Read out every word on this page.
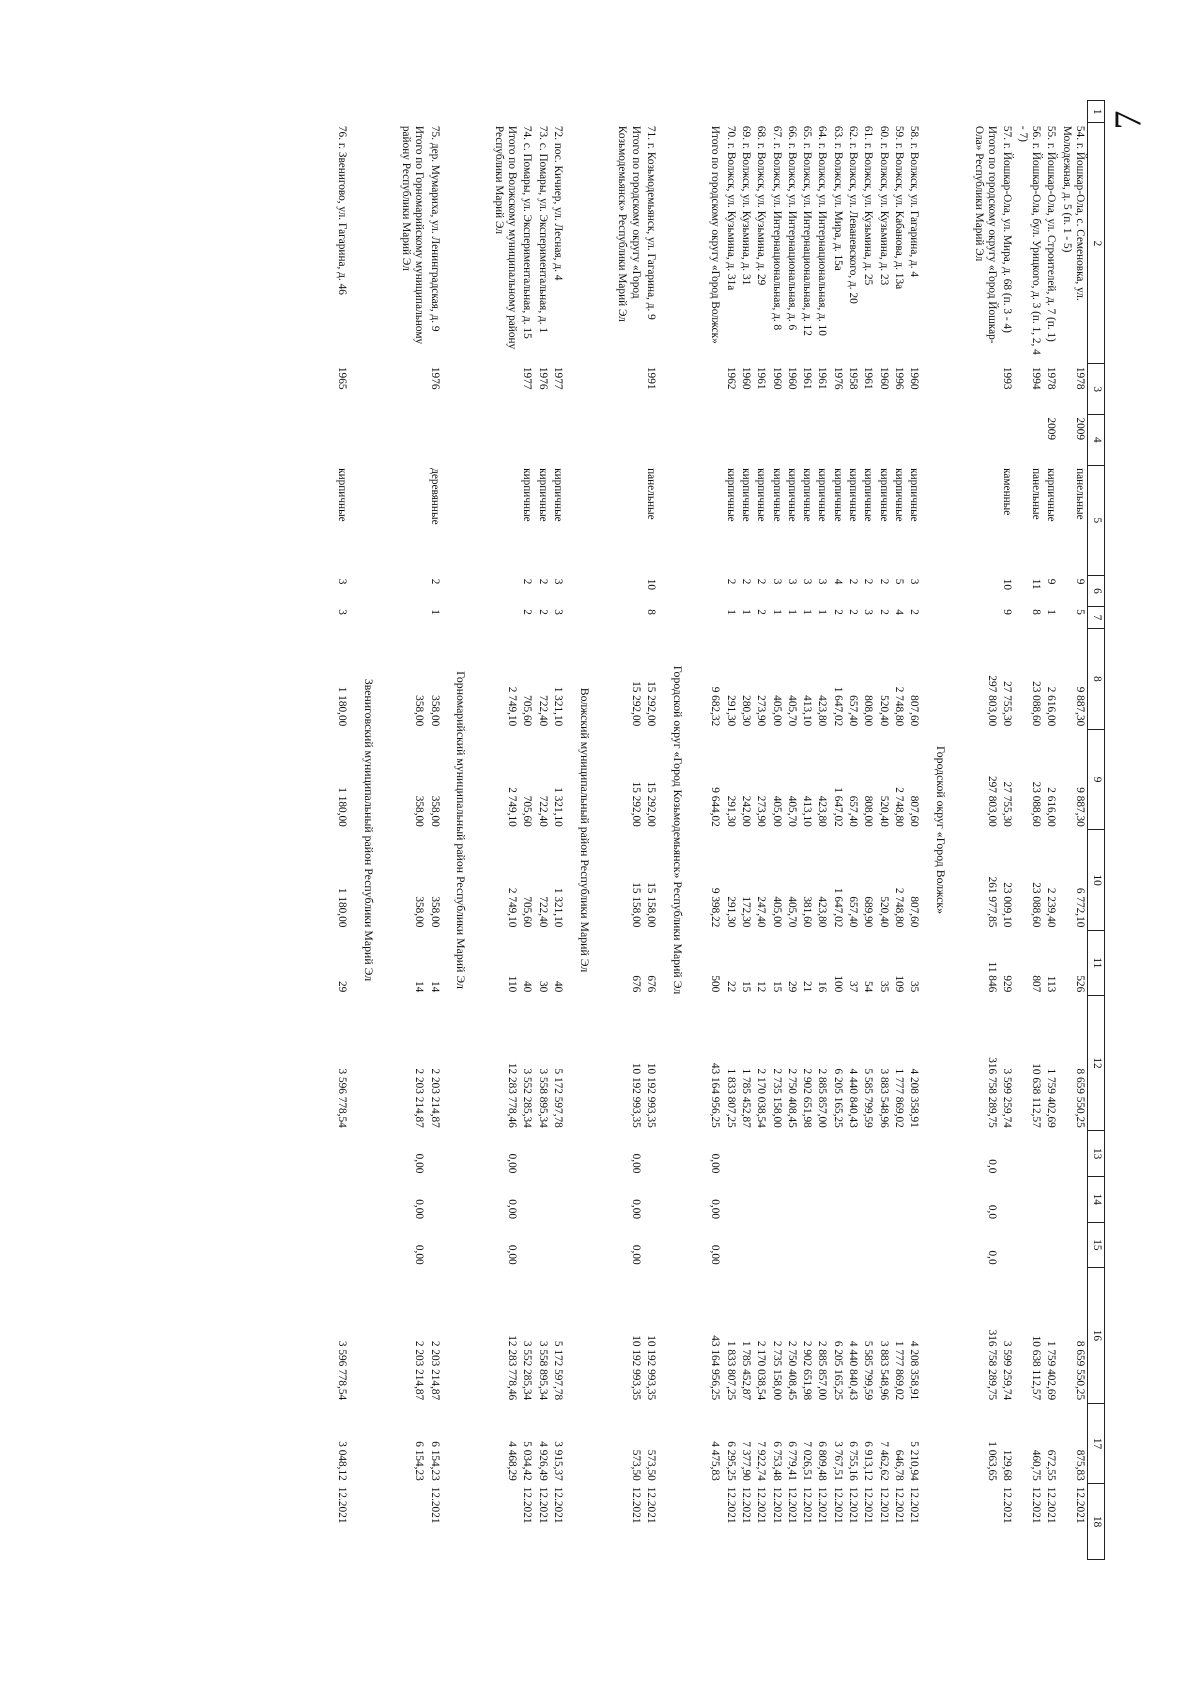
7
1	2	3	4	5	6	7	8	9	10	11	12	13	14	15	16	17	18
	54. г. Йошкар-Ола, с. Семеновка, ул. Молодежная, д. 5 (п. 1 - 5)	1978	2009	панельные	9	5	9 887,30	9 887,30	6 772,10	526	8 659 550,25				8 659 550,25	875,83	12.2021
	55. г. Йошкар-Ола, ул. Строителей, д. 7 (п. 1)	1978	2009	кирпичные	9	1	2 616,00	2 616,00	2 239,40	113	1 759 402,69				1 759 402,69	672,55	12.2021
	56. г. Йошкар-Ола, бул. Урицкого, д. 3 (п. 1, 2, 4 - 7)	1994		панельные	11	8	23 088,60	23 088,60	23 088,60	807	10 638 112,57				10 638 112,57	460,75	12.2021
	57. г. Йошкар-Ола, ул. Мира, д. 68 (п. 3 - 4)	1993		каменные	10	9	27 755,30	27 755,30	23 009,10	929	3 599 259,74				3 599 259,74	129,68	12.2021
	Итого по городскому округу «Город Йошкар-Ола» Республики Марий Эл						297 803,00	297 803,00	261 977,85	11 846	316 758 289,75	0,0	0,0	0,0	316 758 289,75	1 063,65	
Городской округ «Город Волжск»																	
	58. г. Волжск, ул. Гагарина, д. 4	1960		кирпичные	3	2	807,60	807,60	807,60	35	4 208 358,91				4 208 358,91	5 210,94	12.2021
	59. г. Волжск, ул. Кабанова, д. 13а	1996		кирпичные	5	4	2 748,80	2 748,80	2 748,80	109	1 777 869,02				1 777 869,02	646,78	12.2021
	60. г. Волжск, ул. Кузьмина, д. 23	1960		кирпичные	2	2	520,40	520,40	520,40	35	3 883 548,96				3 883 548,96	7 462,62	12.2021
	61. г. Волжск, ул. Кузьмина, д. 25	1961		кирпичные	2	3	808,00	808,00	689,90	54	5 585 799,59				5 585 799,59	6 913,12	12.2021
	62. г. Волжск, ул. Леваневского, д. 20	1958		кирпичные	2	2	657,40	657,40	657,40	37	4 440 840,43				4 440 840,43	6 755,16	12.2021
	63. г. Волжск, ул. Мира, д. 15а	1976		кирпичные	4	2	1 647,02	1 647,02	1 647,02	100	6 205 165,25				6 205 165,25	3 767,51	12.2021
	64. г. Волжск, ул. Интернациональная, д. 10	1961		кирпичные	3	1	423,80	423,80	423,80	16	2 885 857,00				2 885 857,00	6 809,48	12.2021
	65. г. Волжск, ул. Интернациональная, д. 12	1961		кирпичные	3	1	413,10	413,10	381,60	21	2 902 651,98				2 902 651,98	7 026,51	12.2021
	66. г. Волжск, ул. Интернациональная, д. 6	1960		кирпичные	3	1	405,70	405,70	405,70	29	2 750 408,45				2 750 408,45	6 779,41	12.2021
	67. г. Волжск, ул. Интернациональная, д. 8	1960		кирпичные	3	1	405,00	405,00	405,00	15	2 735 158,00				2 735 158,00	6 753,48	12.2021
	68. г. Волжск, ул. Кузьмина, д. 29	1961		кирпичные	2	2	273,90	273,90	247,40	12	2 170 038,54				2 170 038,54	7 922,74	12.2021
	69. г. Волжск, ул. Кузьмина, д. 31	1960		кирпичные	2	1	280,30	242,00	172,30	15	1 785 452,87				1 785 452,87	7 377,90	12.2021
	70. г. Волжск, ул. Кузьмина, д. 31а	1962		кирпичные	2	1	291,30	291,30	291,30	22	1 833 807,25				1 833 807,25	6 295,25	12.2021
	Итого по городскому округу «Город Волжск»						9 682,32	9 644,02	9 398,22	500	43 164 956,25	0,00	0,00	0,00	43 164 956,25	4 475,83	
Городской округ «Город Козьмодемьянск» Республики Марий Эл																	
	71. г. Козьмодемьянск, ул. Гагарина, д. 9	1991		панельные	10	8	15 292,00	15 292,00	15 158,00	676	10 192 993,35				10 192 993,35	573,50	12.2021
	Итого по городскому округу «Город Козьмодемьянск» Республики Марий Эл						15 292,00	15 292,00	15 158,00	676	10 192 993,35	0,00	0,00	0,00	10 192 993,35	573,50	12.2021
Волжский муниципальный район Республики Марий Эл																	
	72. пос. Кичиер, ул. Лесная, д. 4	1977		кирпичные	3	3	1 321,10	1 321,10	1 321,10	40	5 172 597,78				5 172 597,78	3 915,37	12.2021
	73. с. Помары, ул. Экспериментальная, д. 1	1976		кирпичные	2	2	722,40	722,40	722,40	30	3 558 895,34				3 558 895,34	4 926,49	12.2021
	74. с. Помары, ул. Экспериментальная, д. 15	1977		кирпичные	2	2	705,60	705,60	705,60	40	3 552 285,34				3 552 285,34	5 034,42	12.2021
	Итого по Волжскому муниципальному району Республики Марий Эл						2 749,10	2 749,10	2 749,10	110	12 283 778,46	0,00	0,00	0,00	12 283 778,46	4 468,29	
Горномарийский муниципальный район Республики Марий Эл																	
	75. дер. Мумариха, ул. Ленинградская, д. 9	1976		деревянные	2	1	358,00	358,00	358,00	14	2 203 214,87				2 203 214,87	6 154,23	12.2021
	Итого по Горномарийскому муниципальному району Республики Марий Эл						358,00	358,00	358,00	14	2 203 214,87	0,00	0,00	0,00	2 203 214,87	6 154,23	
Звениговский муниципальный район Республики Марий Эл																	
	76. г. Звенигово, ул. Гагарина, д. 46	1965		кирпичные	3	3	1 180,00	1 180,00	1 180,00	29	3 596 778,54				3 596 778,54	3 048,12	12.2021
